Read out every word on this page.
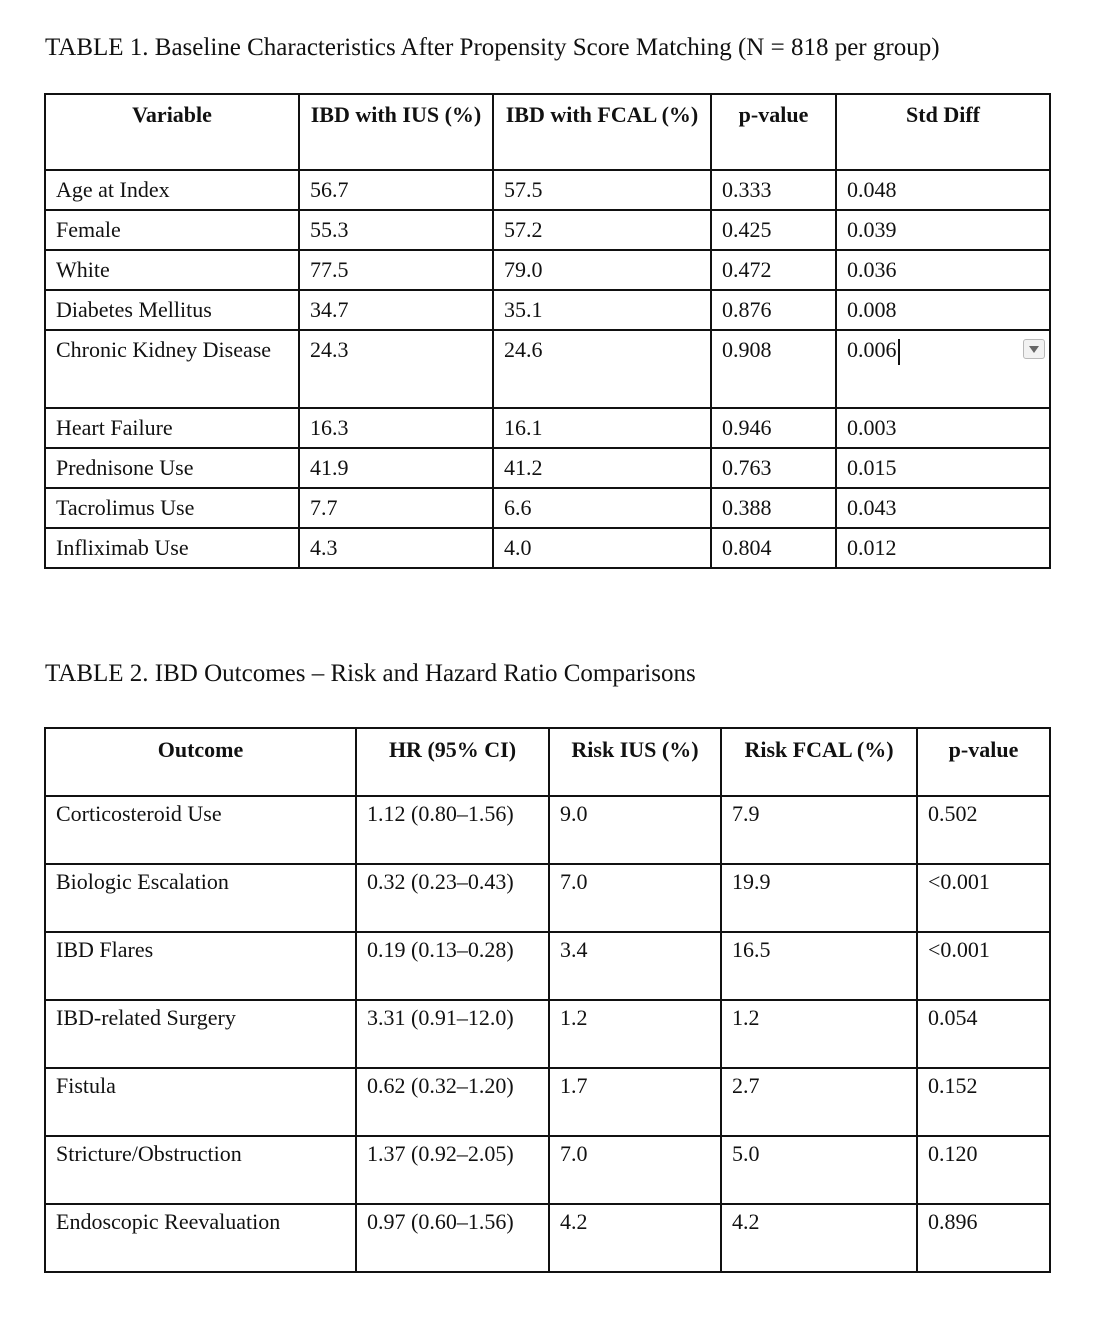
TABLE 1. Baseline Characteristics After Propensity Score Matching (N = 818 per group)
Variable	IBD with IUS (%)	IBD with FCAL (%)	p-value	Std Diff
Age at Index	56.7	57.5	0.333	0.048
Female	55.3	57.2	0.425	0.039
White	77.5	79.0	0.472	0.036
Diabetes Mellitus	34.7	35.1	0.876	0.008
Chronic Kidney Disease	24.3	24.6	0.908	0.006

Heart Failure	16.3	16.1	0.946	0.003
Prednisone Use	41.9	41.2	0.763	0.015
Tacrolimus Use	7.7	6.6	0.388	0.043
Infliximab Use	4.3	4.0	0.804	0.012
TABLE 2. IBD Outcomes – Risk and Hazard Ratio Comparisons
Outcome	HR (95% CI)	Risk IUS (%)	Risk FCAL (%)	p-value
Corticosteroid Use	1.12 (0.80–1.56)	9.0	7.9	0.502
Biologic Escalation	0.32 (0.23–0.43)	7.0	19.9	<0.001
IBD Flares	0.19 (0.13–0.28)	3.4	16.5	<0.001
IBD-related Surgery	3.31 (0.91–12.0)	1.2	1.2	0.054
Fistula	0.62 (0.32–1.20)	1.7	2.7	0.152
Stricture/Obstruction	1.37 (0.92–2.05)	7.0	5.0	0.120
Endoscopic Reevaluation	0.97 (0.60–1.56)	4.2	4.2	0.896
